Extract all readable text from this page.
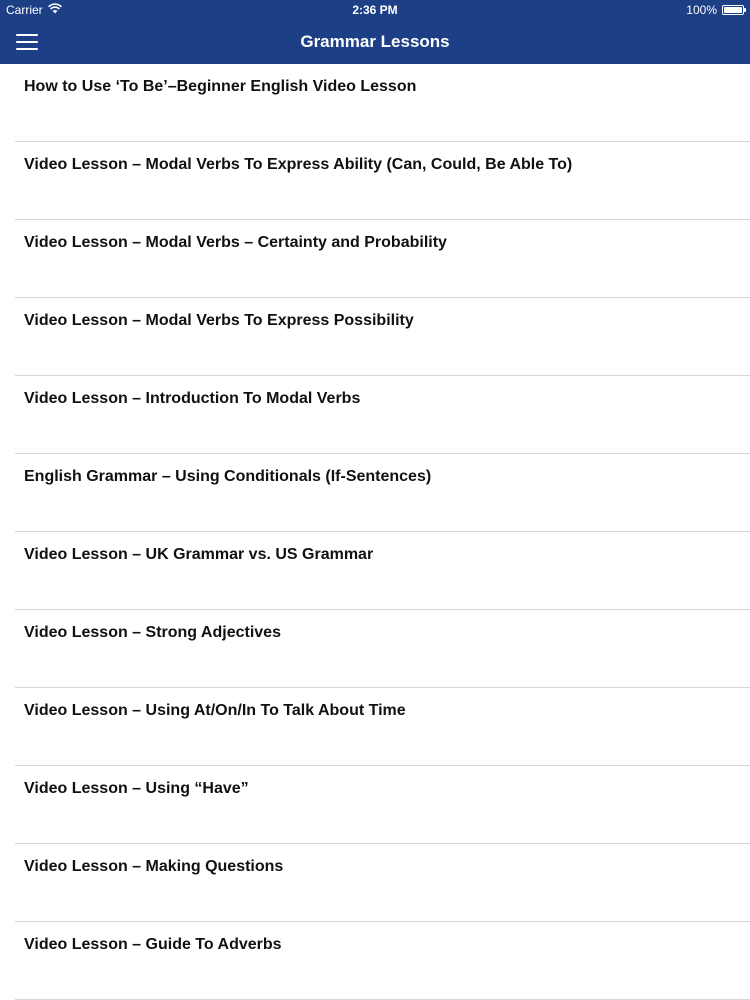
Carrier	2:36 PM	100%
Grammar Lessons
How to Use ‘To Be’–Beginner English Video Lesson
Video Lesson – Modal Verbs To Express Ability (Can, Could, Be Able To)
Video Lesson – Modal Verbs – Certainty and Probability
Video Lesson – Modal Verbs To Express Possibility
Video Lesson – Introduction To Modal Verbs
English Grammar – Using Conditionals (If-Sentences)
Video Lesson – UK Grammar vs. US Grammar
Video Lesson – Strong Adjectives
Video Lesson – Using At/On/In To Talk About Time
Video Lesson – Using “Have”
Video Lesson – Making Questions
Video Lesson – Guide To Adverbs
